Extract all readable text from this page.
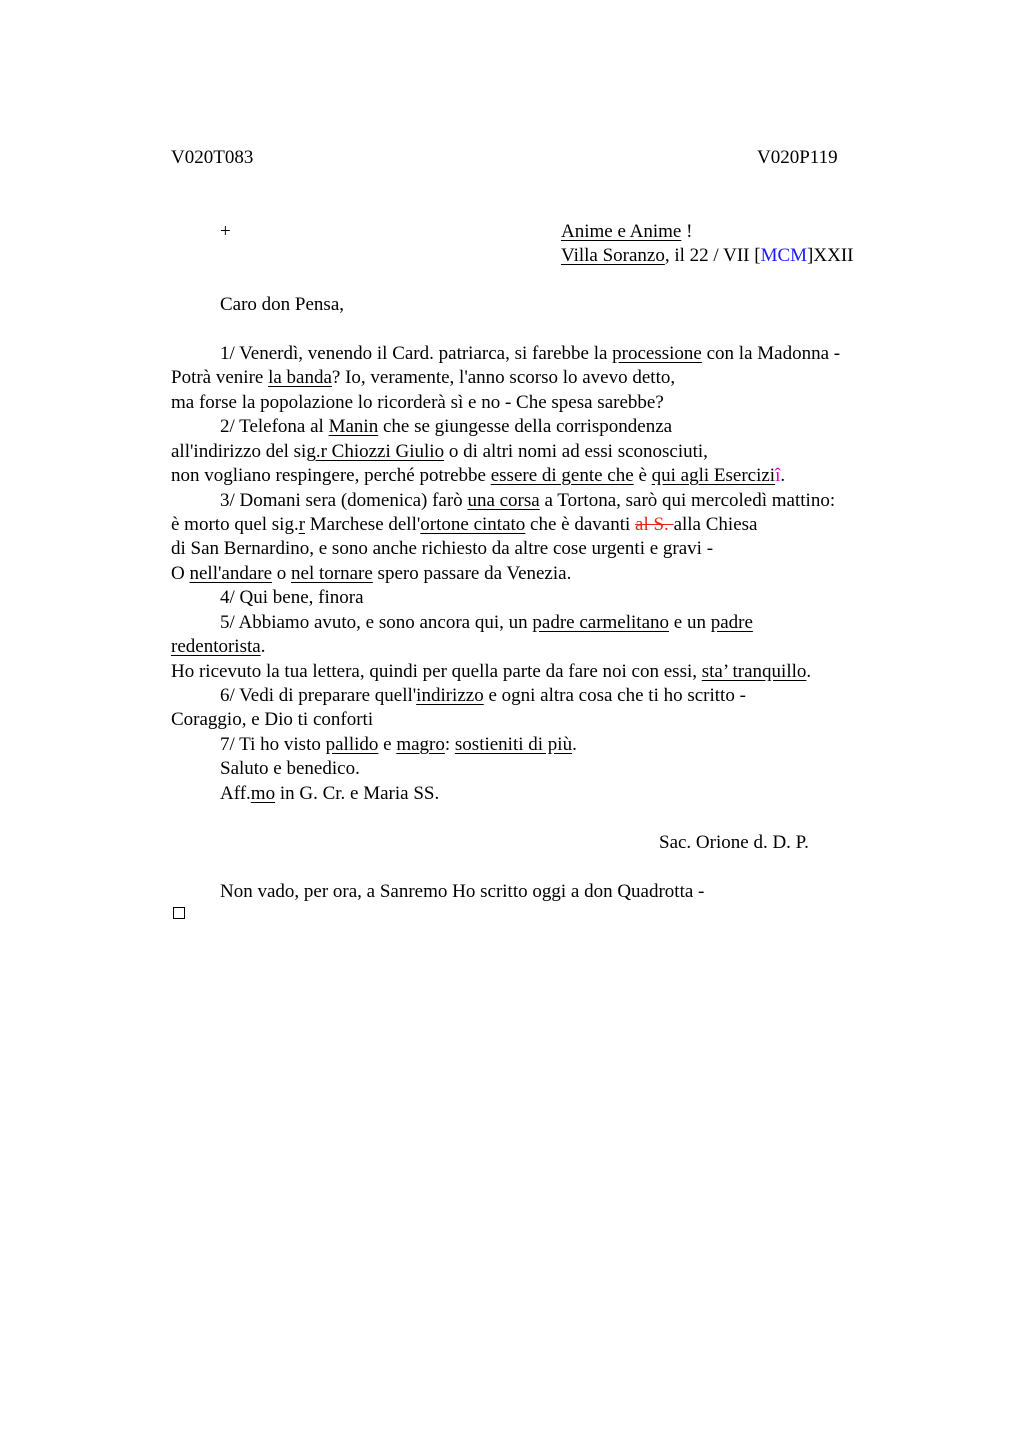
V020T083	V020P119
+	Anime e Anime !
Villa Soranzo, il 22 / VII [MCM]XXII
Caro don Pensa,
1/ Venerdì, venendo il Card. patriarca, si farebbe la processione con la Madonna -
Potrà venire la banda? Io, veramente, l'anno scorso lo avevo detto,
ma forse la popolazione lo ricorderà sì e no - Che spesa sarebbe?
2/ Telefona al Manin che se giungesse della corrispondenza
all'indirizzo del sig.r Chiozzi Giulio o di altri nomi ad essi sconosciuti,
non vogliano respingere, perché potrebbe essere di gente che è qui agli Eserciziî.
3/ Domani sera (domenica) farò una corsa a Tortona, sarò qui mercoledì mattino:
è morto quel sig.r Marchese dell'ortone cintato che è davanti al S. alla Chiesa
di San Bernardino, e sono anche richiesto da altre cose urgenti e gravi -
O nell'andare o nel tornare spero passare da Venezia.
4/ Qui bene, finora
5/ Abbiamo avuto, e sono ancora qui, un padre carmelitano e un padre
redentorista.
Ho ricevuto la tua lettera, quindi per quella parte da fare noi con essi, sta’ tranquillo.
6/ Vedi di preparare quell'indirizzo e ogni altra cosa che ti ho scritto -
Coraggio, e Dio ti conforti
7/ Ti ho visto pallido e magro: sostieniti di più.
Saluto e benedico.
Aff.mo in G. Cr. e Maria SS.
Sac. Orione d. D. P.
Non vado, per ora, a Sanremo Ho scritto oggi a don Quadrotta -
